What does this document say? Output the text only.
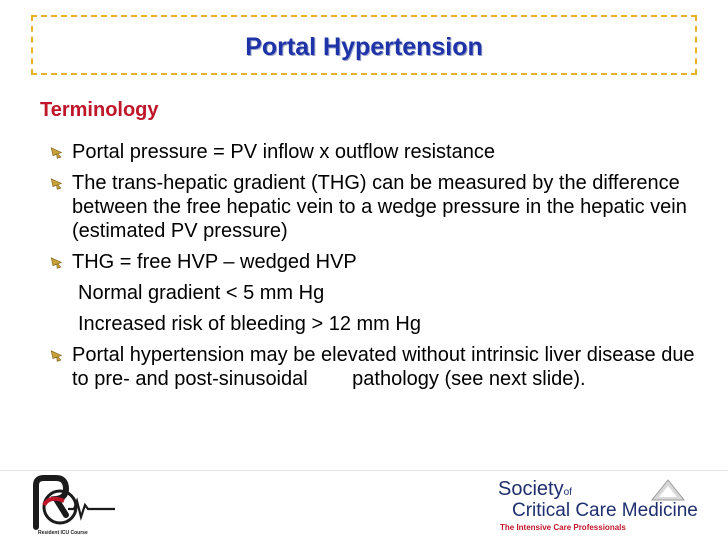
Portal Hypertension
Terminology
Portal pressure = PV inflow x outflow resistance
The trans-hepatic gradient (THG) can be measured by the difference between the free hepatic vein to a wedge pressure in the hepatic vein (estimated PV pressure)
THG = free HVP – wedged HVP
Normal gradient < 5 mm Hg
Increased risk of bleeding > 12 mm Hg
Portal hypertension may be elevated without intrinsic liver disease due to pre- and post-sinusoidal        pathology (see next slide).
Resident ICU Course
Societyof
Critical Care Medicine
The Intensive Care Professionals
